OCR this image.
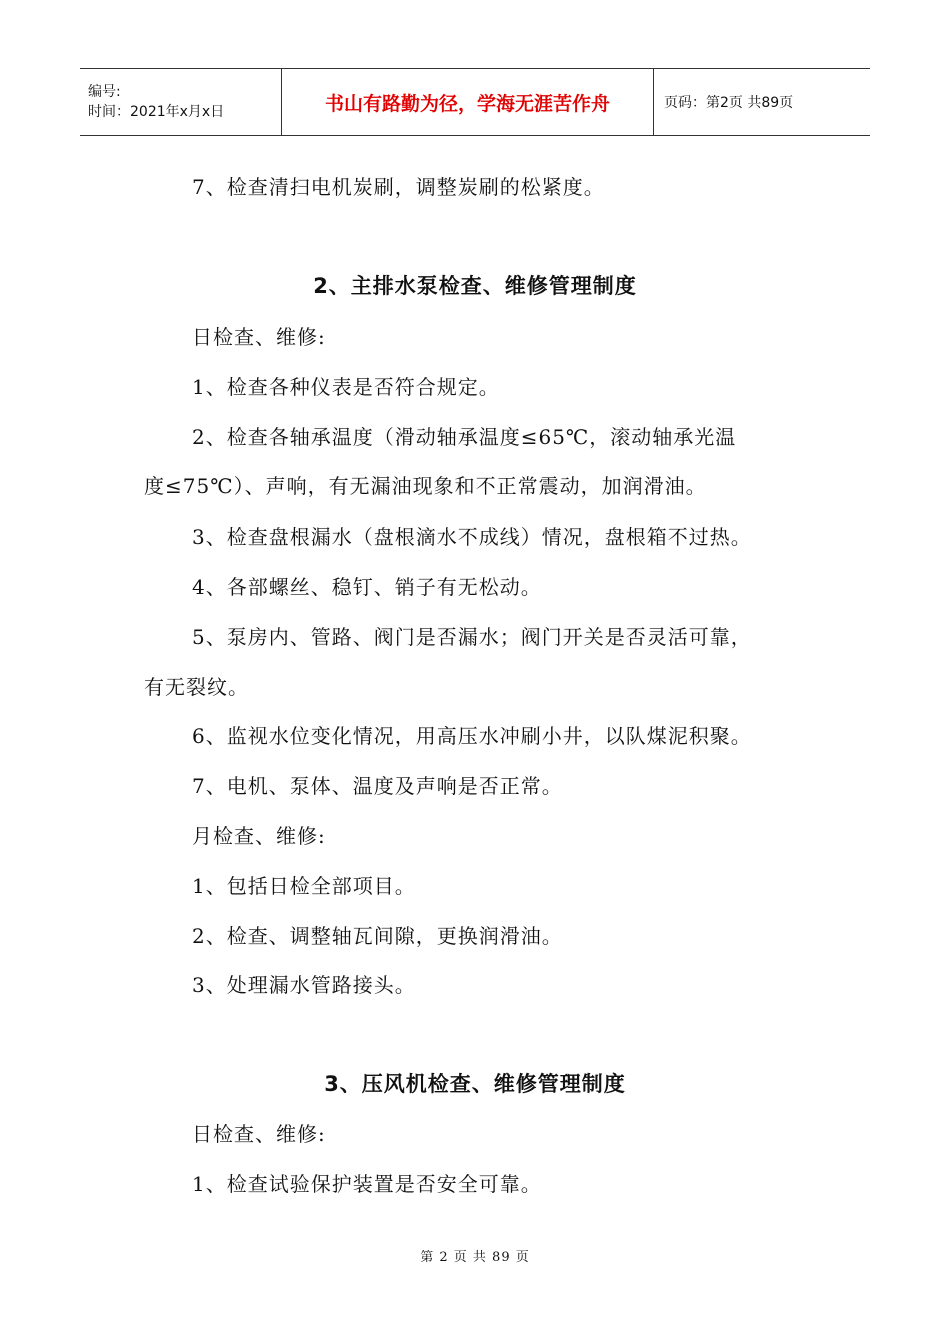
编号:
时间：2021年x月x日	书山有路勤为径，学海无涯苦作舟	页码：第2页 共89页
7、检查清扫电机炭刷，调整炭刷的松紧度。
2、主排水泵检查、维修管理制度
日检查、维修:
1、检查各种仪表是否符合规定。
2、检查各轴承温度（滑动轴承温度≤65℃，滚动轴承光温
度≤75℃）、声响，有无漏油现象和不正常震动，加润滑油。
3、检查盘根漏水（盘根滴水不成线）情况，盘根箱不过热。
4、各部螺丝、稳钉、销子有无松动。
5、泵房内、管路、阀门是否漏水；阀门开关是否灵活可靠，
有无裂纹。
6、监视水位变化情况，用高压水冲刷小井，以队煤泥积聚。
7、电机、泵体、温度及声响是否正常。
月检查、维修:
1、包括日检全部项目。
2、检查、调整轴瓦间隙，更换润滑油。
3、处理漏水管路接头。
3、压风机检查、维修管理制度
日检查、维修:
1、检查试验保护装置是否安全可靠。
第 2 页 共 89 页
